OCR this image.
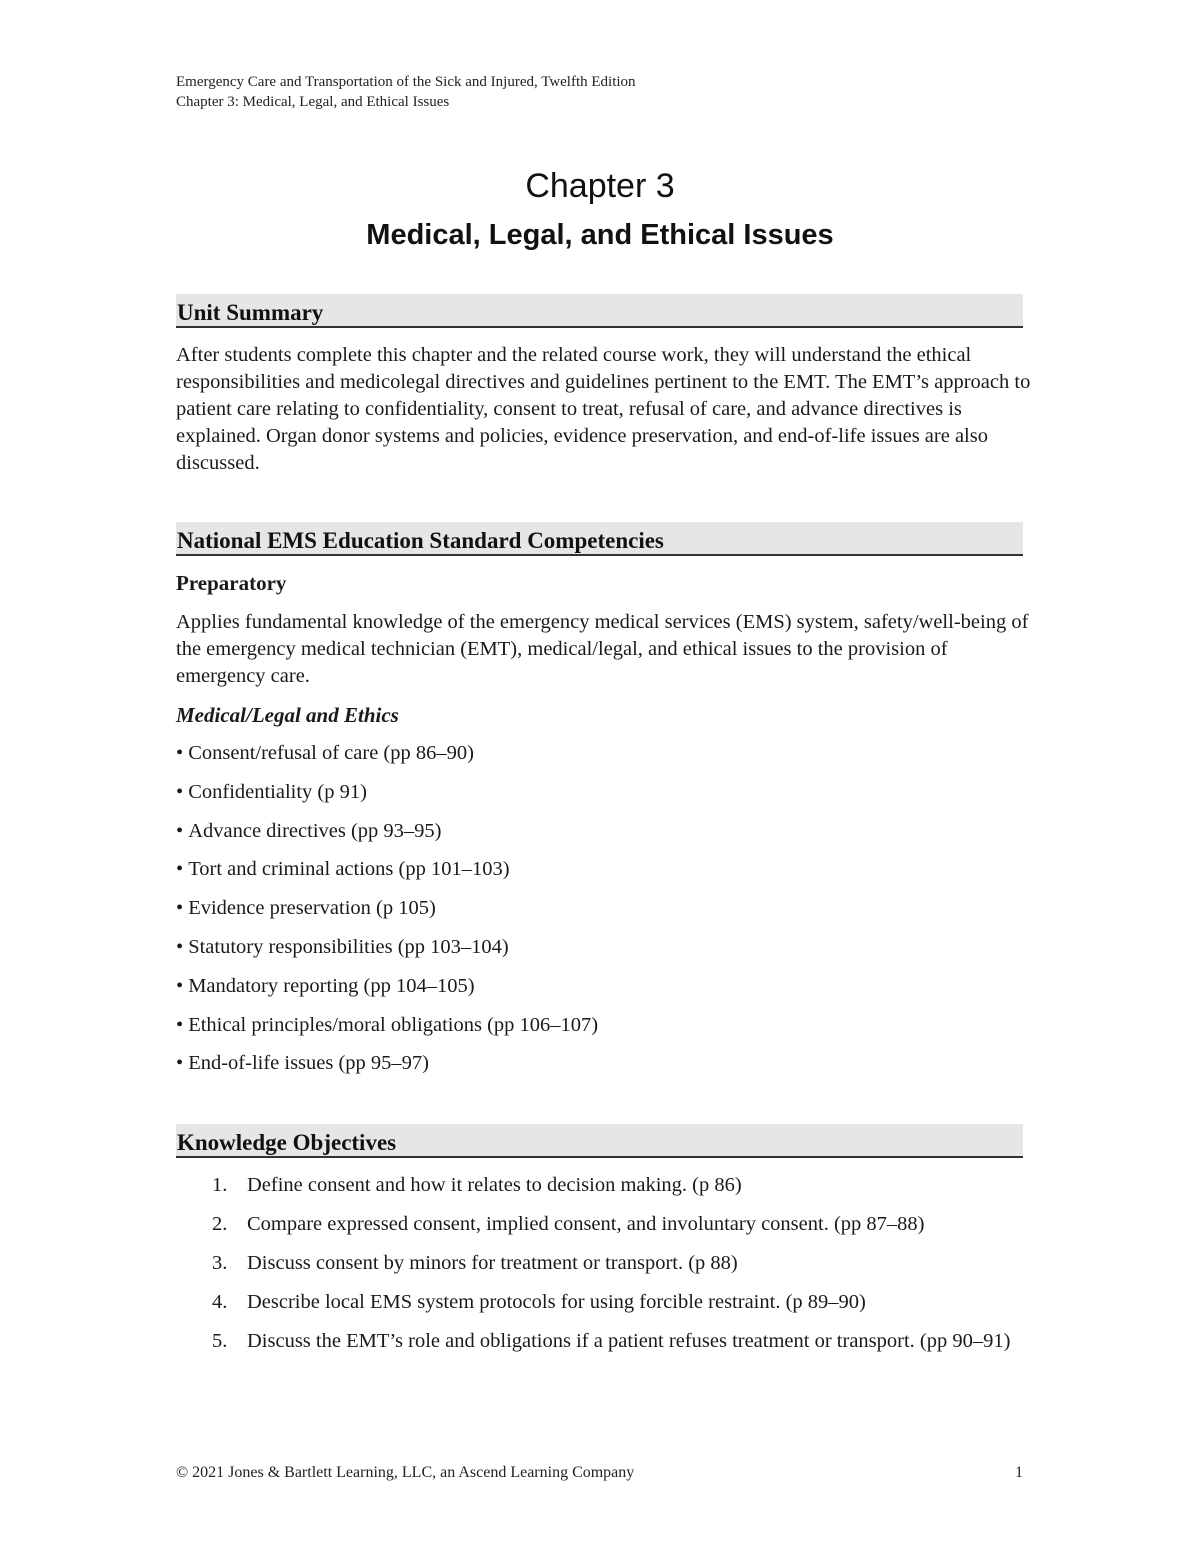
Emergency Care and Transportation of the Sick and Injured, Twelfth Edition
Chapter 3: Medical, Legal, and Ethical Issues
Chapter 3
Medical, Legal, and Ethical Issues
Unit Summary
After students complete this chapter and the related course work, they will understand the ethical responsibilities and medicolegal directives and guidelines pertinent to the EMT. The EMT’s approach to patient care relating to confidentiality, consent to treat, refusal of care, and advance directives is explained. Organ donor systems and policies, evidence preservation, and end-of-life issues are also discussed.
National EMS Education Standard Competencies
Preparatory
Applies fundamental knowledge of the emergency medical services (EMS) system, safety/well-being of the emergency medical technician (EMT), medical/legal, and ethical issues to the provision of emergency care.
Medical/Legal and Ethics
• Consent/refusal of care (pp 86–90)
• Confidentiality (p 91)
• Advance directives (pp 93–95)
• Tort and criminal actions (pp 101–103)
• Evidence preservation (p 105)
• Statutory responsibilities (pp 103–104)
• Mandatory reporting (pp 104–105)
• Ethical principles/moral obligations (pp 106–107)
• End-of-life issues (pp 95–97)
Knowledge Objectives
1. Define consent and how it relates to decision making. (p 86)
2. Compare expressed consent, implied consent, and involuntary consent. (pp 87–88)
3. Discuss consent by minors for treatment or transport. (p 88)
4. Describe local EMS system protocols for using forcible restraint. (p 89–90)
5. Discuss the EMT’s role and obligations if a patient refuses treatment or transport. (pp 90–91)
© 2021 Jones & Bartlett Learning, LLC, an Ascend Learning Company	1
